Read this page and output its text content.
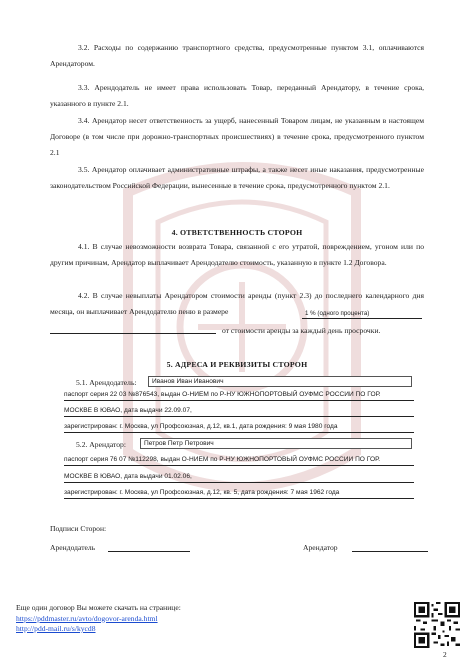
3.2. Расходы по содержанию транспортного средства, предусмотренные пунктом 3.1, оплачиваются Арендатором.
3.3. Арендодатель не имеет права использовать Товар, переданный Арендатору, в течение срока, указанного в пункте 2.1.
3.4. Арендатор несет ответственность за ущерб, нанесенный Товаром лицам, не указанным в настоящем Договоре (в том числе при дорожно-транспортных происшествиях) в течение срока, предусмотренного пунктом 2.1
3.5. Арендатор оплачивает административные штрафы, а также несет иные наказания, предусмотренные законодательством Российской Федерации, вынесенные в течение срока, предусмотренного пунктом 2.1.
4. ОТВЕТСТВЕННОСТЬ СТОРОН
4.1. В случае невозможности возврата Товара, связанной с его утратой, повреждением, угоном или по другим причинам, Арендатор выплачивает Арендодателю стоимость, указанную в пункте 1.2 Договора.
4.2. В случае невыплаты Арендатором стоимости аренды (пункт 2.3) до последнего календарного дня месяца, он выплачивает Арендодателю пеню в размере	1 % (одного процента)
от стоимости аренды за каждый день просрочки.
5. АДРЕСА И РЕКВИЗИТЫ СТОРОН
5.1. Арендодатель:	Иванов Иван Иванович
паспорт серия 22 03 №876543, выдан О-НИЕМ по Р-НУ ЮЖНОПОРТОВЫЙ ОУФМС РОССИИ ПО ГОР.
МОСКВЕ В ЮВАО, дата выдачи 22.09.07,
зарегистрирован: г. Москва, ул Профсоюзная, д.12, кв.1, дата рождения: 9 мая 1980 года
5.2. Арендатор:	Петров Петр Петрович
паспорт серия 76 07 №112298, выдан О-НИЕМ по Р-НУ ЮЖНОПОРТОВЫЙ ОУФМС РОССИИ ПО ГОР.
МОСКВЕ В ЮВАО, дата выдачи 01.02.06,
зарегистрирован: г. Москва, ул Профсоюзная, д.12, кв. 5, дата рождения: 7 мая 1962 года
Подписи Сторон:
Арендодатель	Арендатор
Еще один договор Вы можете скачать на странице:
https://pddmaster.ru/avto/dogovor-arenda.html
http://pdd-mail.ru/s/kycd8
2
